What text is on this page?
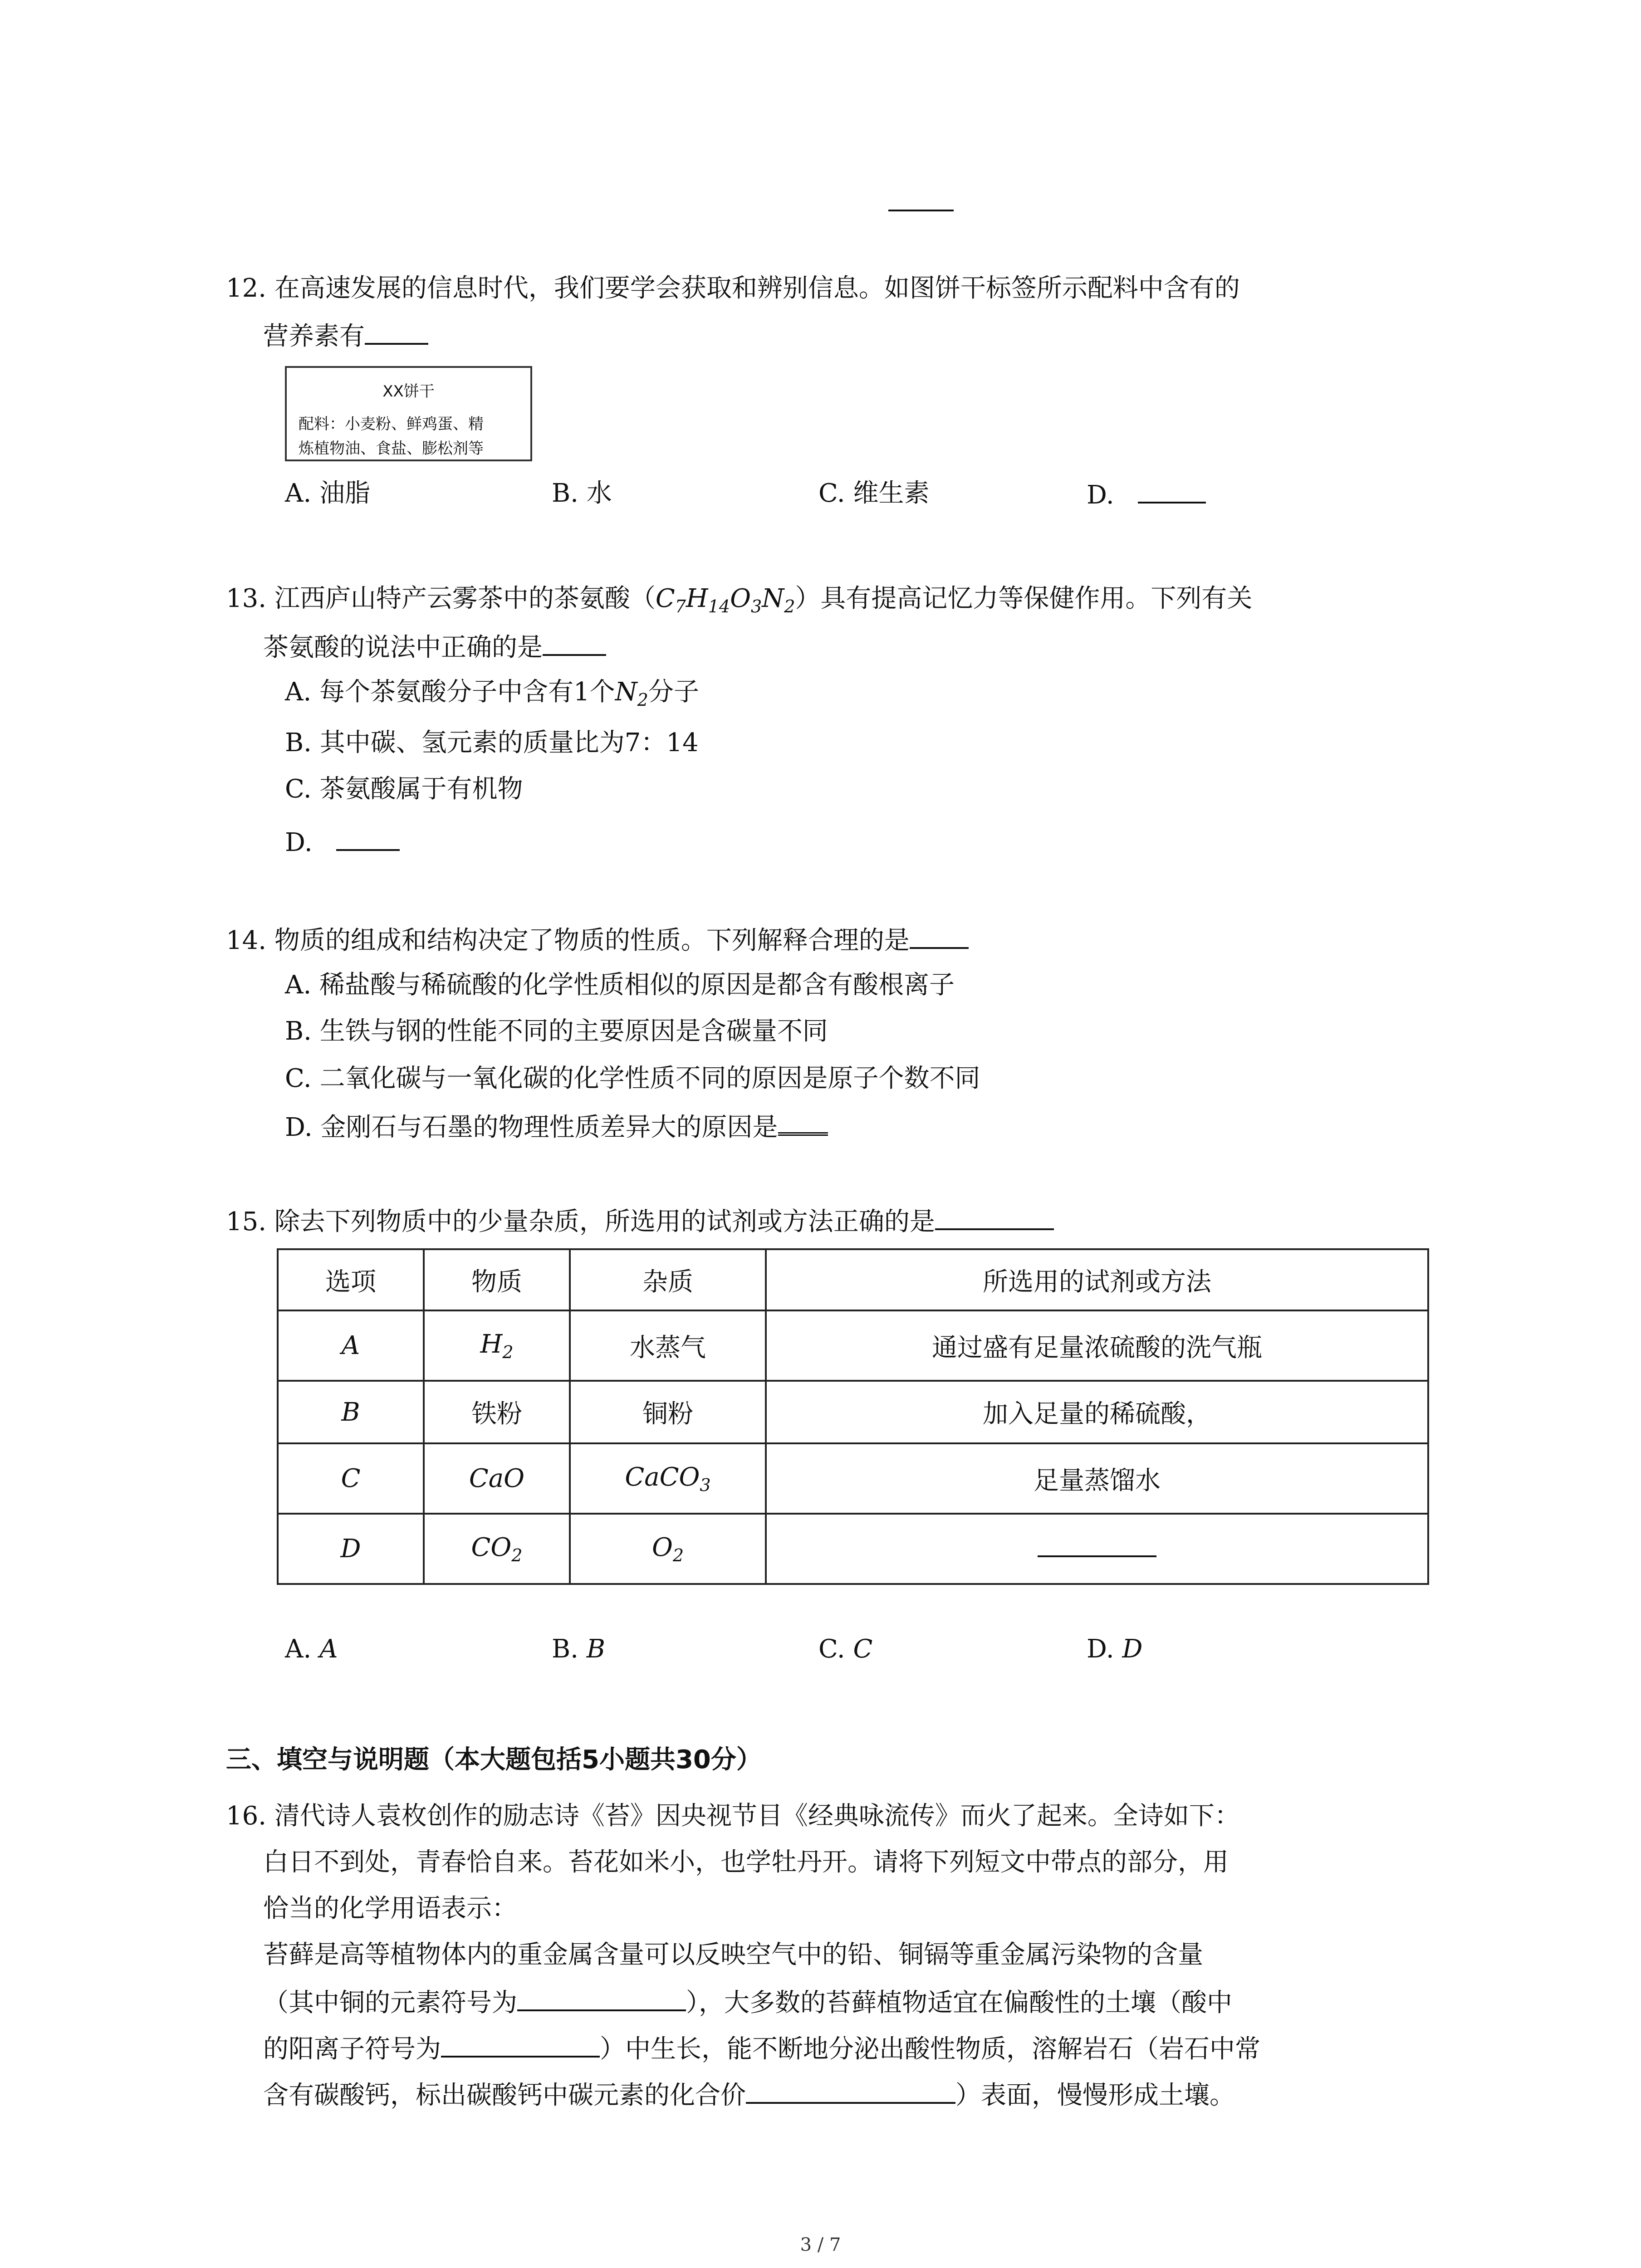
12. 在高速发展的信息时代，我们要学会获取和辨别信息。如图饼干标签所示配料中含有的
营养素有
XX饼干
配料：小麦粉、鲜鸡蛋、精
炼植物油、食盐、膨松剂等
A. 油脂	B. 水	C. 维生素	D.
13. 江西庐山特产云雾茶中的茶氨酸$(C_7H_{14}O_3N_2)$具有提高记忆力等保健作用。下列有关
茶氨酸的说法中正确的是
A. 每个茶氨酸分子中含有1个$N_2$分子
B. 其中碳、氢元素的质量比为7：14
C. 茶氨酸属于有机物
D.
14. 物质的组成和结构决定了物质的性质。下列解释合理的是
A. 稀盐酸与稀硫酸的化学性质相似的原因是都含有酸根离子
B. 生铁与钢的性能不同的主要原因是含碳量不同
C. 二氧化碳与一氧化碳的化学性质不同的原因是原子个数不同
D. 金刚石与石墨的物理性质差异大的原因是
15. 除去下列物质中的少量杂质，所选用的试剂或方法正确的是
选项	物质	杂质	所选用的试剂或方法
A	$H_2$	水蒸气	通过盛有足量浓硫酸的洗气瓶
B	铁粉	铜粉	加入足量的稀硫酸，
C	CaO	CaCO$_3$	足量蒸馏水
D	$CO_2$	$O_2$	
A. A	B. B	C. C	D. D
三、填空与说明题（本大题包括5小题共30分）
16. 清代诗人袁枚创作的励志诗《苔》因央视节目《经典咏流传》而火了起来。全诗如下：
白日不到处，青春恰自来。苔花如米小，也学牡丹开。请将下列短文中带点的部分，用
恰当的化学用语表示：
苔藓是高等植物体内的重金属含量可以反映空气中的铅、铜镉等重金属污染物的含量
（其中铜的元素符号为	），大多数的苔藓植物适宜在偏酸性的土壤（酸中
的阳离子符号为	）中生长，能不断地分泌出酸性物质，溶解岩石（岩石中常
含有碳酸钙，标出碳酸钙中碳元素的化合价	）表面，慢慢形成土壤。
3 / 7
